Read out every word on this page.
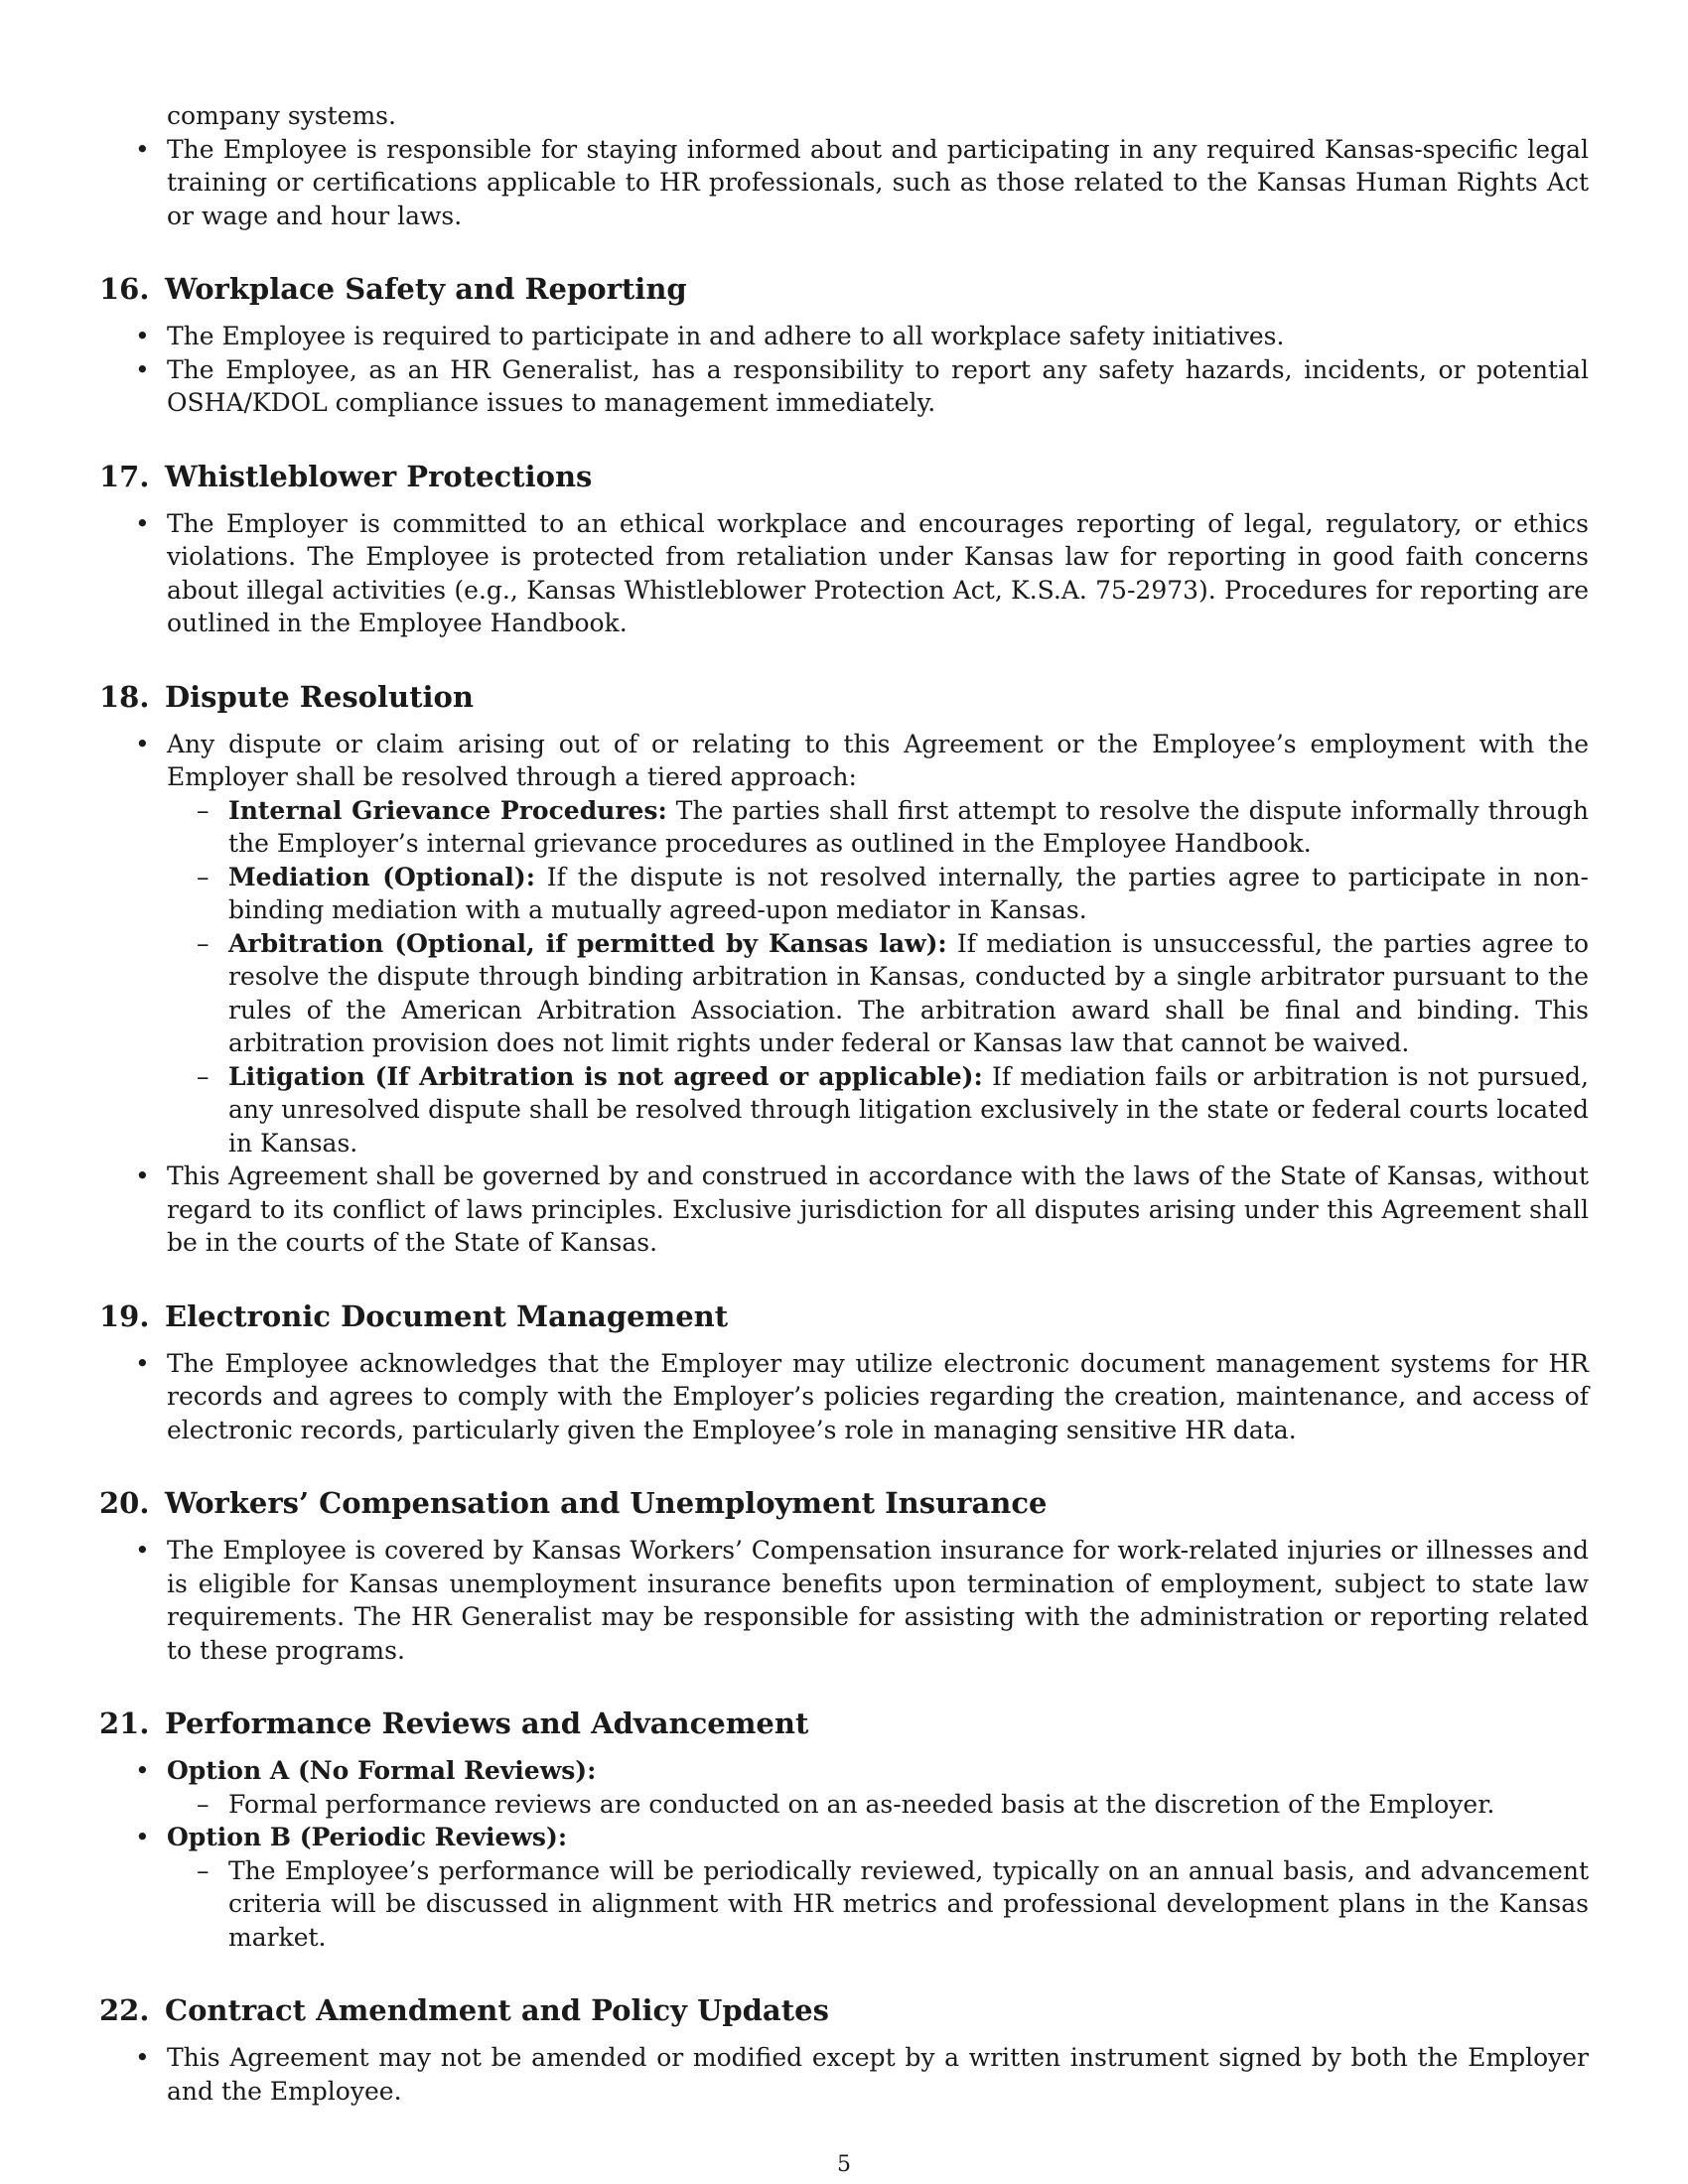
company systems.

• The Employee is responsible for staying informed about and participating in any required Kansas-specific legal training or certifications applicable to HR professionals, such as those related to the Kansas Human Rights Act or wage and hour laws.

16. Workplace Safety and Reporting
• The Employee is required to participate in and adhere to all workplace safety initiatives.

• The Employee, as an HR Generalist, has a responsibility to report any safety hazards, incidents, or potential OSHA/KDOL compliance issues to management immediately.

17. Whistleblower Protections
• The Employer is committed to an ethical workplace and encourages reporting of legal, regulatory, or ethics violations. The Employee is protected from retaliation under Kansas law for reporting in good faith concerns about illegal activities (e.g., Kansas Whistleblower Protection Act, K.S.A. 75-2973). Procedures for reporting are outlined in the Employee Handbook.

18. Dispute Resolution
• Any dispute or claim arising out of or relating to this Agreement or the Employee’s employment with the Employer shall be resolved through a tiered approach:

– Internal Grievance Procedures: The parties shall first attempt to resolve the dispute informally through the Employer’s internal grievance procedures as outlined in the Employee Handbook.

– Mediation (Optional): If the dispute is not resolved internally, the parties agree to participate in non-binding mediation with a mutually agreed-upon mediator in Kansas.

– Arbitration (Optional, if permitted by Kansas law): If mediation is unsuccessful, the parties agree to resolve the dispute through binding arbitration in Kansas, conducted by a single arbitrator pursuant to the rules of the American Arbitration Association. The arbitration award shall be final and binding. This arbitration provision does not limit rights under federal or Kansas law that cannot be waived.

– Litigation (If Arbitration is not agreed or applicable): If mediation fails or arbitration is not pursued, any unresolved dispute shall be resolved through litigation exclusively in the state or federal courts located in Kansas.

• This Agreement shall be governed by and construed in accordance with the laws of the State of Kansas, without regard to its conflict of laws principles. Exclusive jurisdiction for all disputes arising under this Agreement shall be in the courts of the State of Kansas.

19. Electronic Document Management
• The Employee acknowledges that the Employer may utilize electronic document management systems for HR records and agrees to comply with the Employer’s policies regarding the creation, maintenance, and access of electronic records, particularly given the Employee’s role in managing sensitive HR data.

20. Workers’ Compensation and Unemployment Insurance
• The Employee is covered by Kansas Workers’ Compensation insurance for work-related injuries or illnesses and is eligible for Kansas unemployment insurance benefits upon termination of employment, subject to state law requirements. The HR Generalist may be responsible for assisting with the administration or reporting related to these programs.

21. Performance Reviews and Advancement
• Option A (No Formal Reviews):

– Formal performance reviews are conducted on an as-needed basis at the discretion of the Employer.

• Option B (Periodic Reviews):

– The Employee’s performance will be periodically reviewed, typically on an annual basis, and advancement criteria will be discussed in alignment with HR metrics and professional development plans in the Kansas market.

22. Contract Amendment and Policy Updates
• This Agreement may not be amended or modified except by a written instrument signed by both the Employer and the Employee.

5
